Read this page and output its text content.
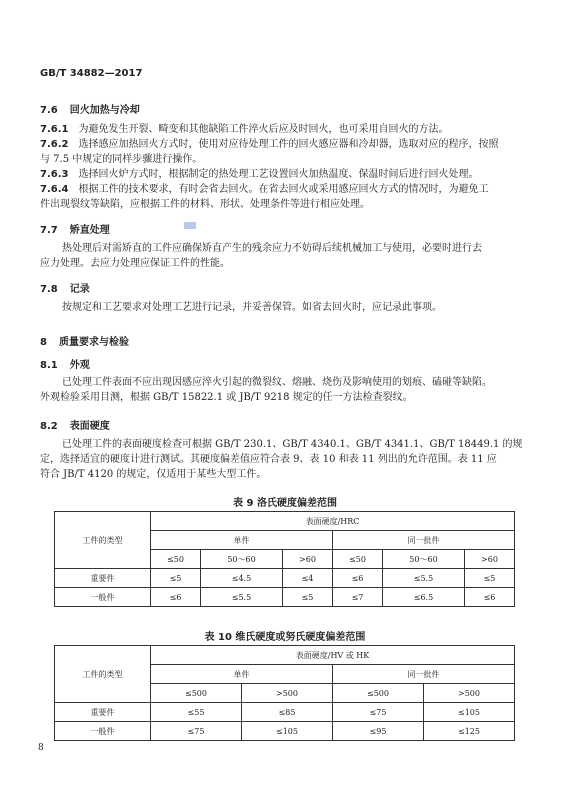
GB/T 34882—2017
7.6 回火加热与冷却
7.6.1 为避免发生开裂、畸变和其他缺陷工件淬火后应及时回火，也可采用自回火的方法。
7.6.2 选择感应加热回火方式时，使用对应待处理工件的回火感应器和冷却器，选取对应的程序，按照
与 7.5 中规定的同样步骤进行操作。
7.6.3 选择回火炉方式时，根据制定的热处理工艺设置回火加热温度、保温时间后进行回火处理。
7.6.4 根据工件的技术要求，有时会省去回火。在省去回火或采用感应回火方式的情况时，为避免工
件出现裂纹等缺陷，应根据工件的材料、形状、处理条件等进行相应处理。
7.7 矫直处理
热处理后对需矫直的工件应确保矫直产生的残余应力不妨碍后续机械加工与使用，必要时进行去
应力处理。去应力处理应保证工件的性能。
7.8 记录
按规定和工艺要求对处理工艺进行记录，并妥善保管。如省去回火时，应记录此事项。
8 质量要求与检验
8.1 外观
已处理工件表面不应出现因感应淬火引起的微裂纹、熔融、烧伤及影响使用的划痕、磕碰等缺陷。
外观检验采用目测，根据 GB/T 15822.1 或 JB/T 9218 规定的任一方法检查裂纹。
8.2 表面硬度
已处理工件的表面硬度检查可根据 GB/T 230.1、GB/T 4340.1、GB/T 4341.1、GB/T 18449.1 的规
定，选择适宜的硬度计进行测试。其硬度偏差值应符合表 9、表 10 和表 11 列出的允许范围。表 11 应
符合 JB/T 4120 的规定，仅适用于某些大型工件。
表 9 洛氏硬度偏差范围
工件的类型	表面硬度/HRC					
	单件			同一批件		
	≤50	50～60	>60	≤50	50～60	>60
重要件	≤5	≤4.5	≤4	≤6	≤5.5	≤5
一般件	≤6	≤5.5	≤5	≤7	≤6.5	≤6
表 10 维氏硬度或努氏硬度偏差范围
工件的类型	表面硬度/HV 或 HK			
	单件		同一批件	
	≤500	>500	≤500	>500
重要件	≤55	≤85	≤75	≤105
一般件	≤75	≤105	≤95	≤125
8
